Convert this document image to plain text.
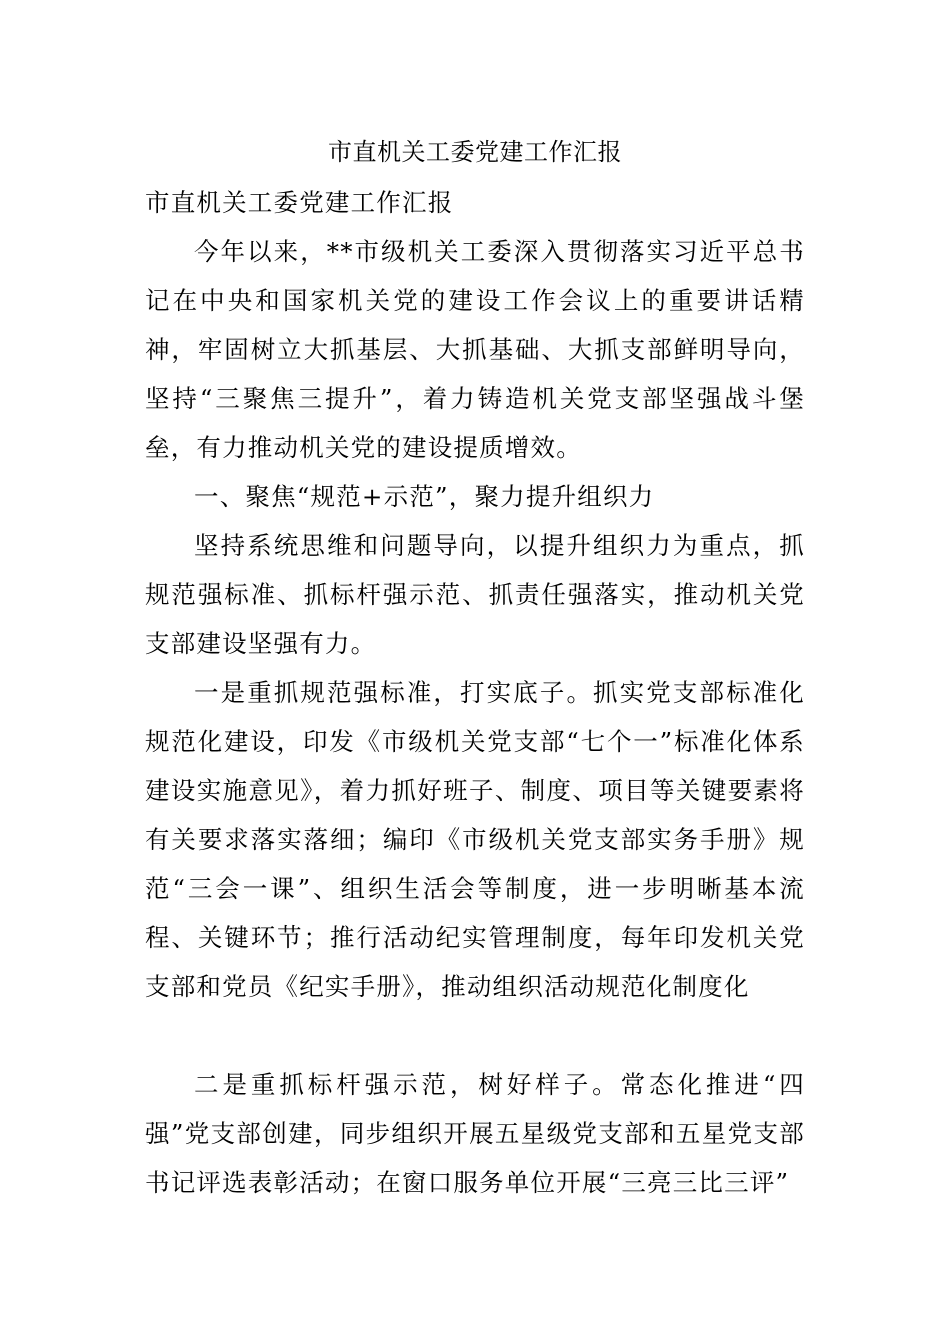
市直机关工委党建工作汇报

市直机关工委党建工作汇报

今年以来，**市级机关工委深入贯彻落实习近平总书记在中央和国家机关党的建设工作会议上的重要讲话精神，牢固树立大抓基层、大抓基础、大抓支部鲜明导向，坚持“三聚焦三提升”，着力铸造机关党支部坚强战斗堡垒，有力推动机关党的建设提质增效。

一、聚焦“规范+示范”，聚力提升组织力

坚持系统思维和问题导向，以提升组织力为重点，抓规范强标准、抓标杆强示范、抓责任强落实，推动机关党支部建设坚强有力。

一是重抓规范强标准，打实底子。抓实党支部标准化规范化建设，印发《市级机关党支部“七个一”标准化体系建设实施意见》，着力抓好班子、制度、项目等关键要素将有关要求落实落细；编印《市级机关党支部实务手册》规范“三会一课”、组织生活会等制度，进一步明晰基本流程、关键环节；推行活动纪实管理制度，每年印发机关党支部和党员《纪实手册》，推动组织活动规范化制度化

二是重抓标杆强示范，树好样子。常态化推进“四强”党支部创建，同步组织开展五星级党支部和五星党支部书记评选表彰活动；在窗口服务单位开展“三亮三比三评”
